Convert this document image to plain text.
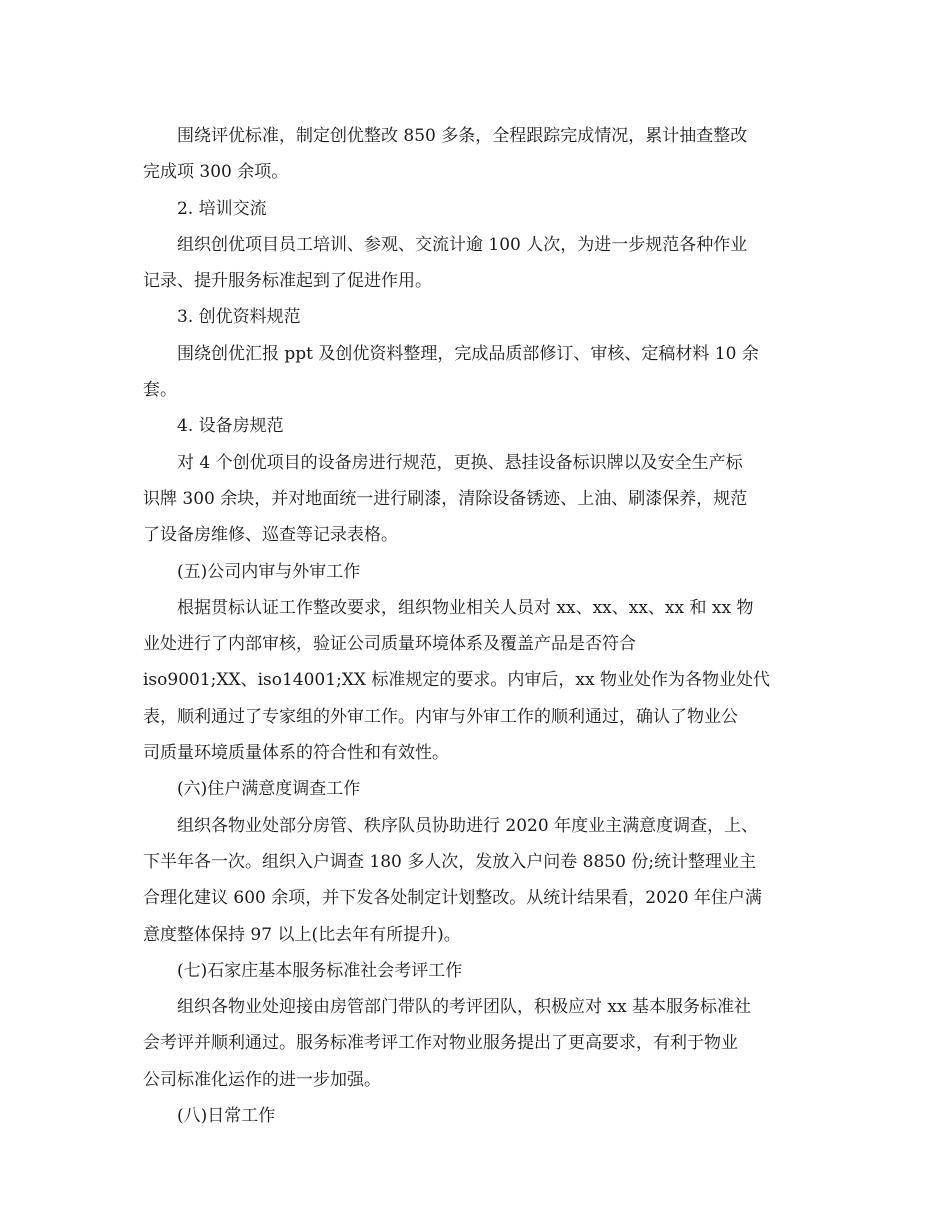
围绕评优标准，制定创优整改 850 多条，全程跟踪完成情况，累计抽查整改
完成项 300 余项。
2. 培训交流
组织创优项目员工培训、参观、交流计逾 100 人次，为进一步规范各种作业
记录、提升服务标准起到了促进作用。
3. 创优资料规范
围绕创优汇报 ppt 及创优资料整理，完成品质部修订、审核、定稿材料 10 余
套。
4. 设备房规范
对 4 个创优项目的设备房进行规范，更换、悬挂设备标识牌以及安全生产标
识牌 300 余块，并对地面统一进行刷漆，清除设备锈迹、上油、刷漆保养，规范
了设备房维修、巡查等记录表格。
(五)公司内审与外审工作
根据贯标认证工作整改要求，组织物业相关人员对 xx、xx、xx、xx 和 xx 物
业处进行了内部审核，验证公司质量环境体系及覆盖产品是否符合
iso9001;XX、iso14001;XX 标准规定的要求。内审后，xx 物业处作为各物业处代
表，顺利通过了专家组的外审工作。内审与外审工作的顺利通过，确认了物业公
司质量环境质量体系的符合性和有效性。
(六)住户满意度调查工作
组织各物业处部分房管、秩序队员协助进行 2020 年度业主满意度调查，上、
下半年各一次。组织入户调查 180 多人次，发放入户问卷 8850 份;统计整理业主
合理化建议 600 余项，并下发各处制定计划整改。从统计结果看，2020 年住户满
意度整体保持 97 以上(比去年有所提升)。
(七)石家庄基本服务标准社会考评工作
组织各物业处迎接由房管部门带队的考评团队，积极应对 xx 基本服务标准社
会考评并顺利通过。服务标准考评工作对物业服务提出了更高要求，有利于物业
公司标准化运作的进一步加强。
(八)日常工作
